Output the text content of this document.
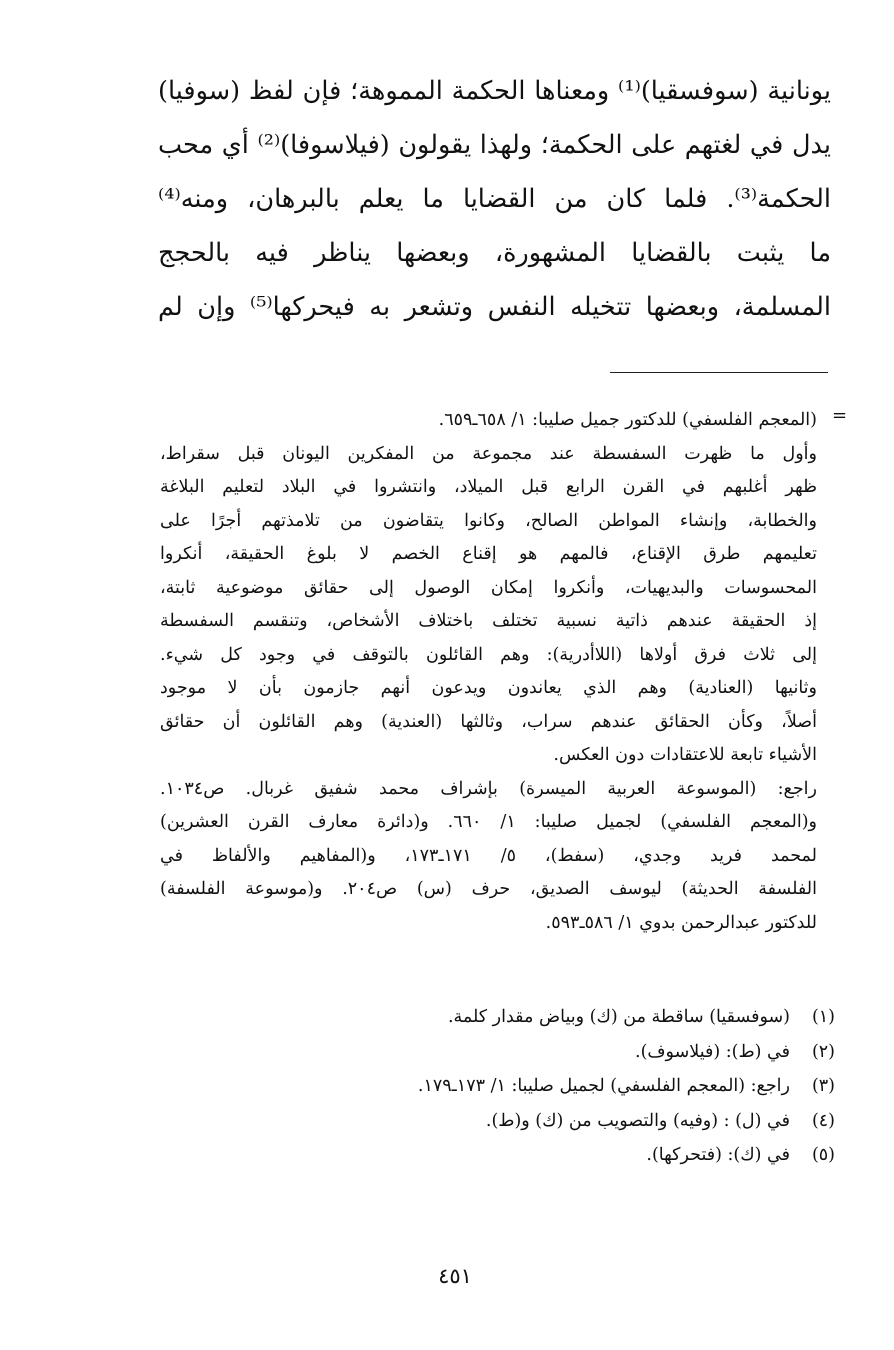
يونانية (سوفسقيا)⁽¹⁾ ومعناها الحكمة المموهة؛ فإن لفظ (سوفيا)
يدل في لغتهم على الحكمة؛ ولهذا يقولون (فيلاسوفا)⁽²⁾ أي محب
الحكمة⁽³⁾. فلما كان من القضايا ما يعلم بالبرهان، ومنه⁽⁴⁾
ما يثبت بالقضايا المشهورة، وبعضها يناظر فيه بالحجج
المسلمة، وبعضها تتخيله النفس وتشعر به فيحركها⁽⁵⁾ وإن لم
=
(المعجم الفلسفي) للدكتور جميل صليبا: ١/ ٦٥٨ـ٦٥٩.
وأول ما ظهرت السفسطة عند مجموعة من المفكرين اليونان قبل سقراط،
ظهر أغلبهم في القرن الرابع قبل الميلاد، وانتشروا في البلاد لتعليم البلاغة
والخطابة، وإنشاء المواطن الصالح، وكانوا يتقاضون من تلامذتهم أجرًا على
تعليمهم طرق الإقناع، فالمهم هو إقناع الخصم لا بلوغ الحقيقة، أنكروا
المحسوسات والبديهيات، وأنكروا إمكان الوصول إلى حقائق موضوعية ثابتة،
إذ الحقيقة عندهم ذاتية نسبية تختلف باختلاف الأشخاص، وتنقسم السفسطة
إلى ثلاث فرق أولاها (اللاأدرية): وهم القائلون بالتوقف في وجود كل شيء.
وثانيها (العنادية) وهم الذي يعاندون ويدعون أنهم جازمون بأن لا موجود
أصلاً، وكأن الحقائق عندهم سراب، وثالثها (العندية) وهم القائلون أن حقائق
الأشياء تابعة للاعتقادات دون العكس.
راجع: (الموسوعة العربية الميسرة) بإشراف محمد شفيق غربال. ص١٠٣٤.
و(المعجم الفلسفي) لجميل صليبا: ١/ ٦٦٠. و(دائرة معارف القرن العشرين)
لمحمد فريد وجدي، (سفط)، ٥/ ١٧١ـ١٧٣، و(المفاهيم والألفاظ في
الفلسفة الحديثة) ليوسف الصديق، حرف (س) ص٢٠٤. و(موسوعة الفلسفة)
للدكتور عبدالرحمن بدوي ١/ ٥٨٦ـ٥٩٣.
(١)
(سوفسقيا) ساقطة من (ك) وبياض مقدار كلمة.
(٢)
في (ط): (فيلاسوف).
(٣)
راجع: (المعجم الفلسفي) لجميل صليبا: ١/ ١٧٣ـ١٧٩.
(٤)
في (ل) : (وفيه) والتصويب من (ك) و(ط).
(٥)
في (ك): (فتحركها).
٤٥١
